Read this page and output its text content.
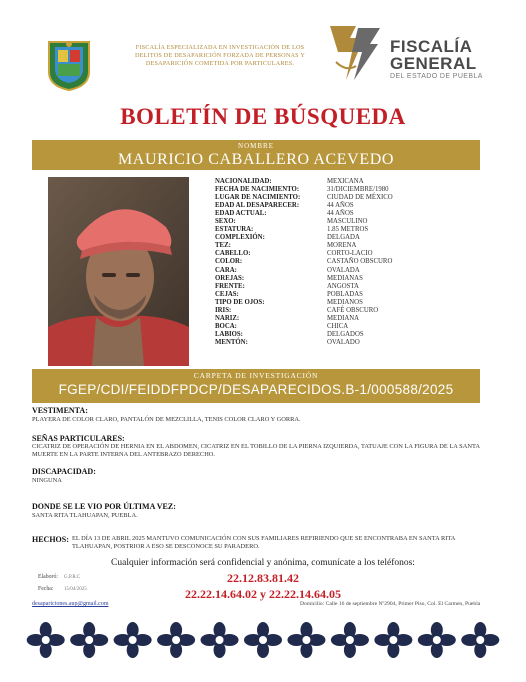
FISCALÍA ESPECIALIZADA EN INVESTIGACIÓN DE LOS DELITOS DE DESAPARICIÓN FORZADA DE PERSONAS Y DESAPARICIÓN COMETIDA POR PARTICULARES.
FISCALÍA
GENERAL
DEL ESTADO DE PUEBLA
BOLETÍN DE BÚSQUEDA
NOMBRE
MAURICIO CABALLERO ACEVEDO
NACIONALIDAD:	MEXICANA
FECHA DE NACIMIENTO:	31/DICIEMBRE/1980
LUGAR DE NACIMIENTO:	CIUDAD DE MÉXICO
EDAD AL DESAPARECER:	44 AÑOS
EDAD ACTUAL:	44 AÑOS
SEXO:	MASCULINO
ESTATURA:	1.85 METROS
COMPLEXIÓN:	DELGADA
TEZ:	MORENA
CABELLO:	CORTO-LACIO
COLOR:	CASTAÑO OBSCURO
CARA:	OVALADA
OREJAS:	MEDIANAS
FRENTE:	ANGOSTA
CEJAS:	POBLADAS
TIPO DE OJOS:	MEDIANOS
IRIS:	CAFÉ OBSCURO
NARIZ:	MEDIANA
BOCA:	CHICA
LABIOS:	DELGADOS
MENTÓN:	OVALADO
CARPETA DE INVESTIGACIÓN
FGEP/CDI/FEIDDFPDCP/DESAPARECIDOS.B-1/000588/2025
VESTIMENTA:
PLAYERA DE COLOR CLARO, PANTALÓN DE MEZCLILLA, TENIS COLOR CLARO Y GORRA.
SEÑAS PARTICULARES:
CICATRIZ DE OPERACIÓN DE HERNIA EN EL ABDOMEN, CICATRIZ EN EL TOBILLO DE LA PIERNA IZQUIERDA, TATUAJE CON LA FIGURA DE LA SANTA MUERTE EN LA PARTE INTERNA DEL ANTEBRAZO DERECHO.
DISCAPACIDAD:
NINGUNA
DONDE SE LE VIO POR ÚLTIMA VEZ:
SANTA RITA TLAHUAPAN, PUEBLA.
HECHOS: EL DÍA 13 DE ABRIL 2025 MANTUVO COMUNICACIÓN CON SUS FAMILIARES REFIRIENDO QUE SE ENCONTRABA EN SANTA RITA TLAHUAPAN, POSTRIOR A ESO SE DESCONOCE SU PARADERO.
Cualquier información será confidencial y anónima, comunícate a los teléfonos:
22.12.83.81.42
22.22.14.64.02 y 22.22.14.64.05
Elaboró: G.P.R.C
Fecha: 15/04/2025
desapariciones.aup@gmail.com	Domicilio: Calle 16 de septiembre Nº2904, Primer Piso, Col. El Carmen, Puebla
